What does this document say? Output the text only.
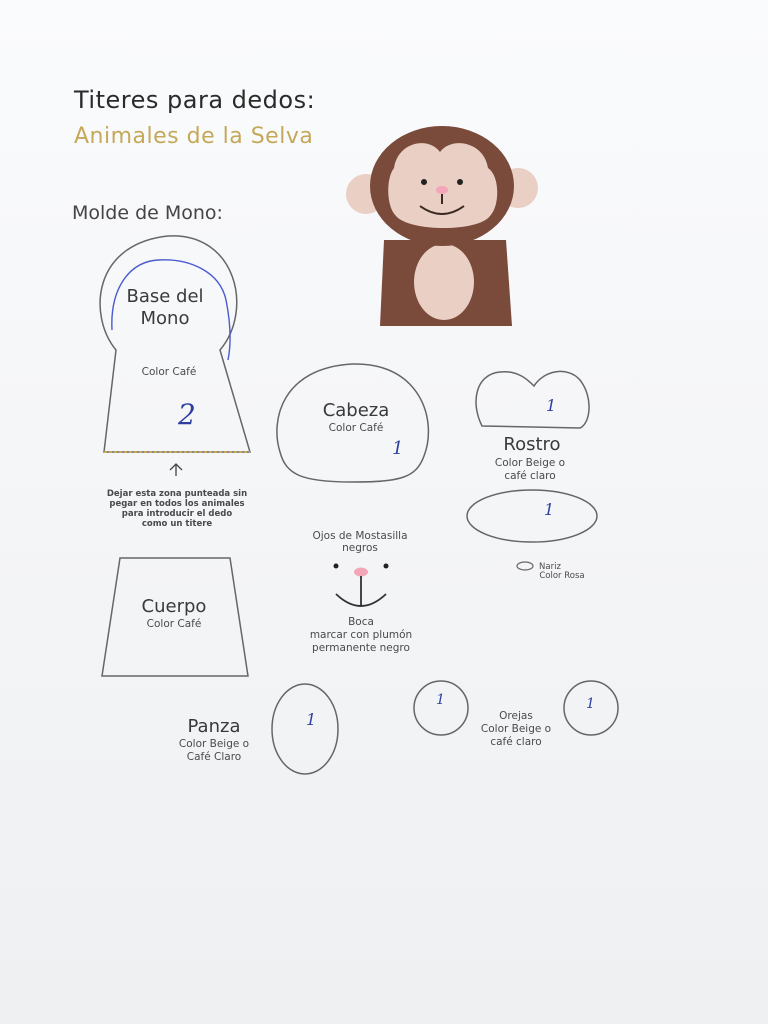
Titeres para dedos:
Animales de la Selva
Molde de Mono:
Base del
Mono
Color Café
2
Dejar esta zona punteada sin
pegar en todos los animales
para introducir el dedo
como un titere
Cabeza
Color Café
1
1
Rostro
Color Beige o
café claro
1
Ojos de Mostasilla
negros
Nariz
Color Rosa
Boca
marcar con plumón
permanente negro
Cuerpo
Color Café
Panza
Color Beige o
Café Claro
1
1	1
Orejas
Color Beige o
café claro
